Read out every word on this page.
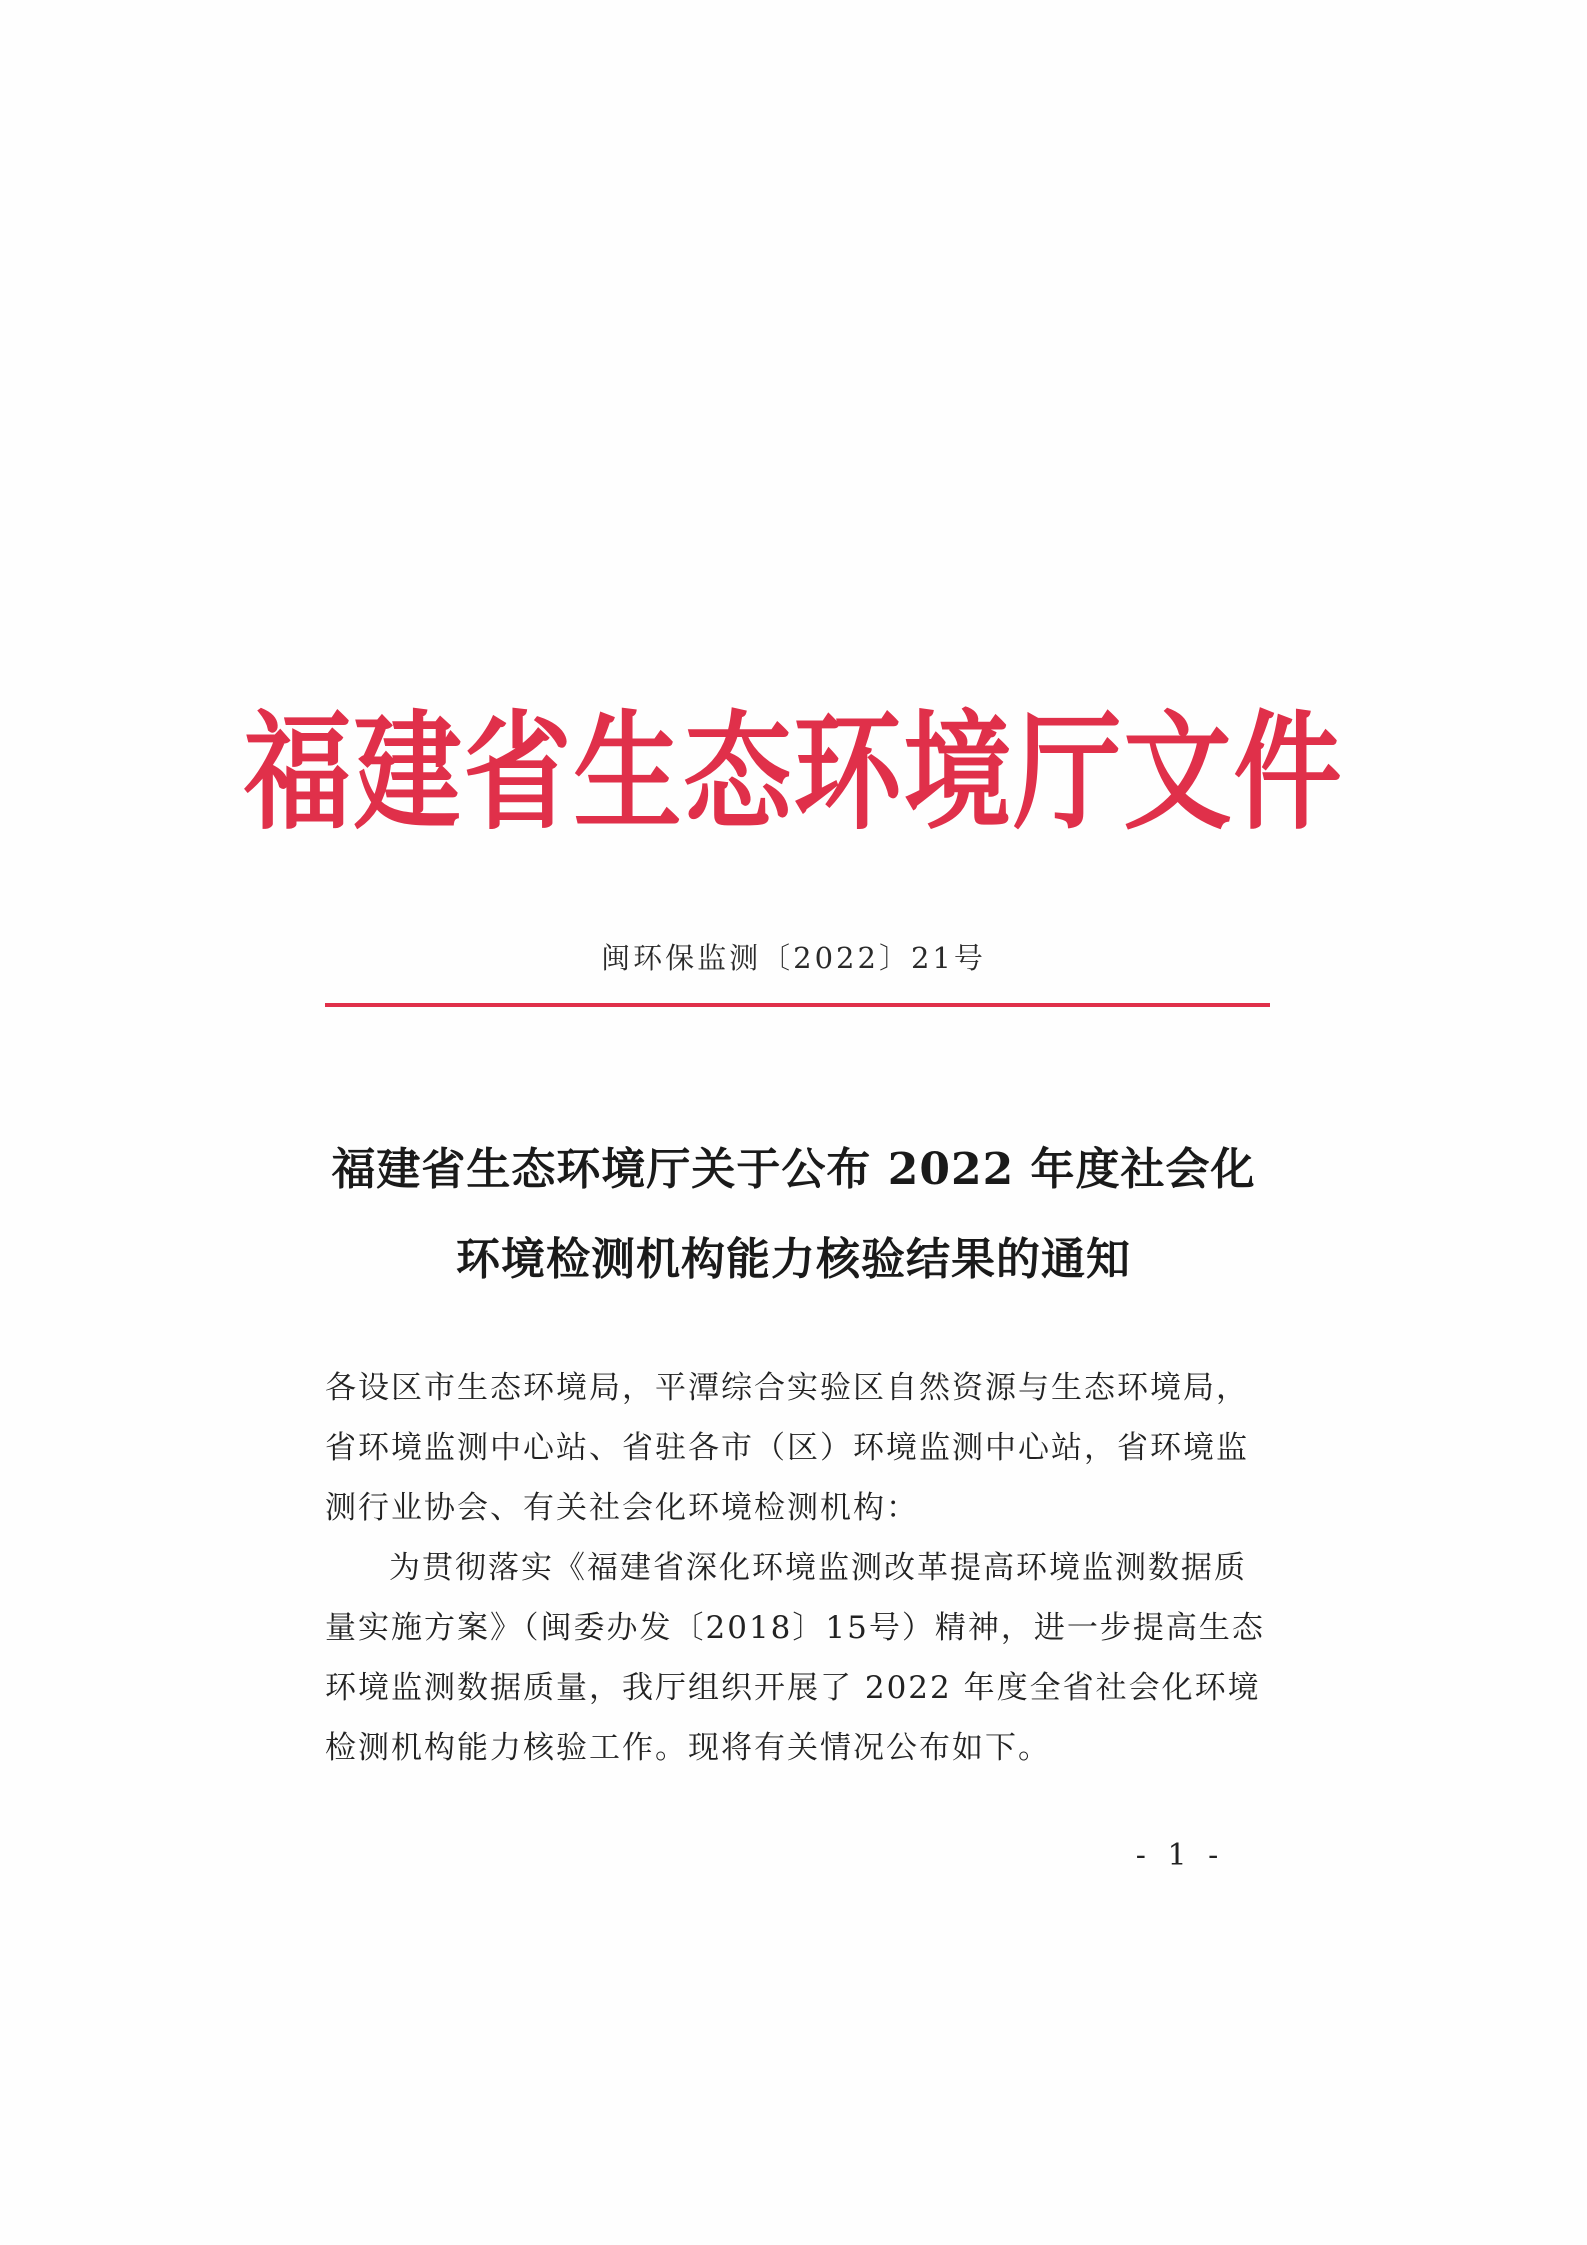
福建省生态环境厅文件
闽环保监测〔2022〕21号
福建省生态环境厅关于公布 2022 年度社会化
环境检测机构能力核验结果的通知

各设区市生态环境局，平潭综合实验区自然资源与生态环境局，省环境监测中心站、省驻各市（区）环境监测中心站，省环境监测行业协会、有关社会化环境检测机构：

为贯彻落实《福建省深化环境监测改革提高环境监测数据质量实施方案》（闽委办发〔2018〕15号）精神，进一步提高生态环境监测数据质量，我厅组织开展了 2022 年度全省社会化环境检测机构能力核验工作。现将有关情况公布如下。

- 1 -
